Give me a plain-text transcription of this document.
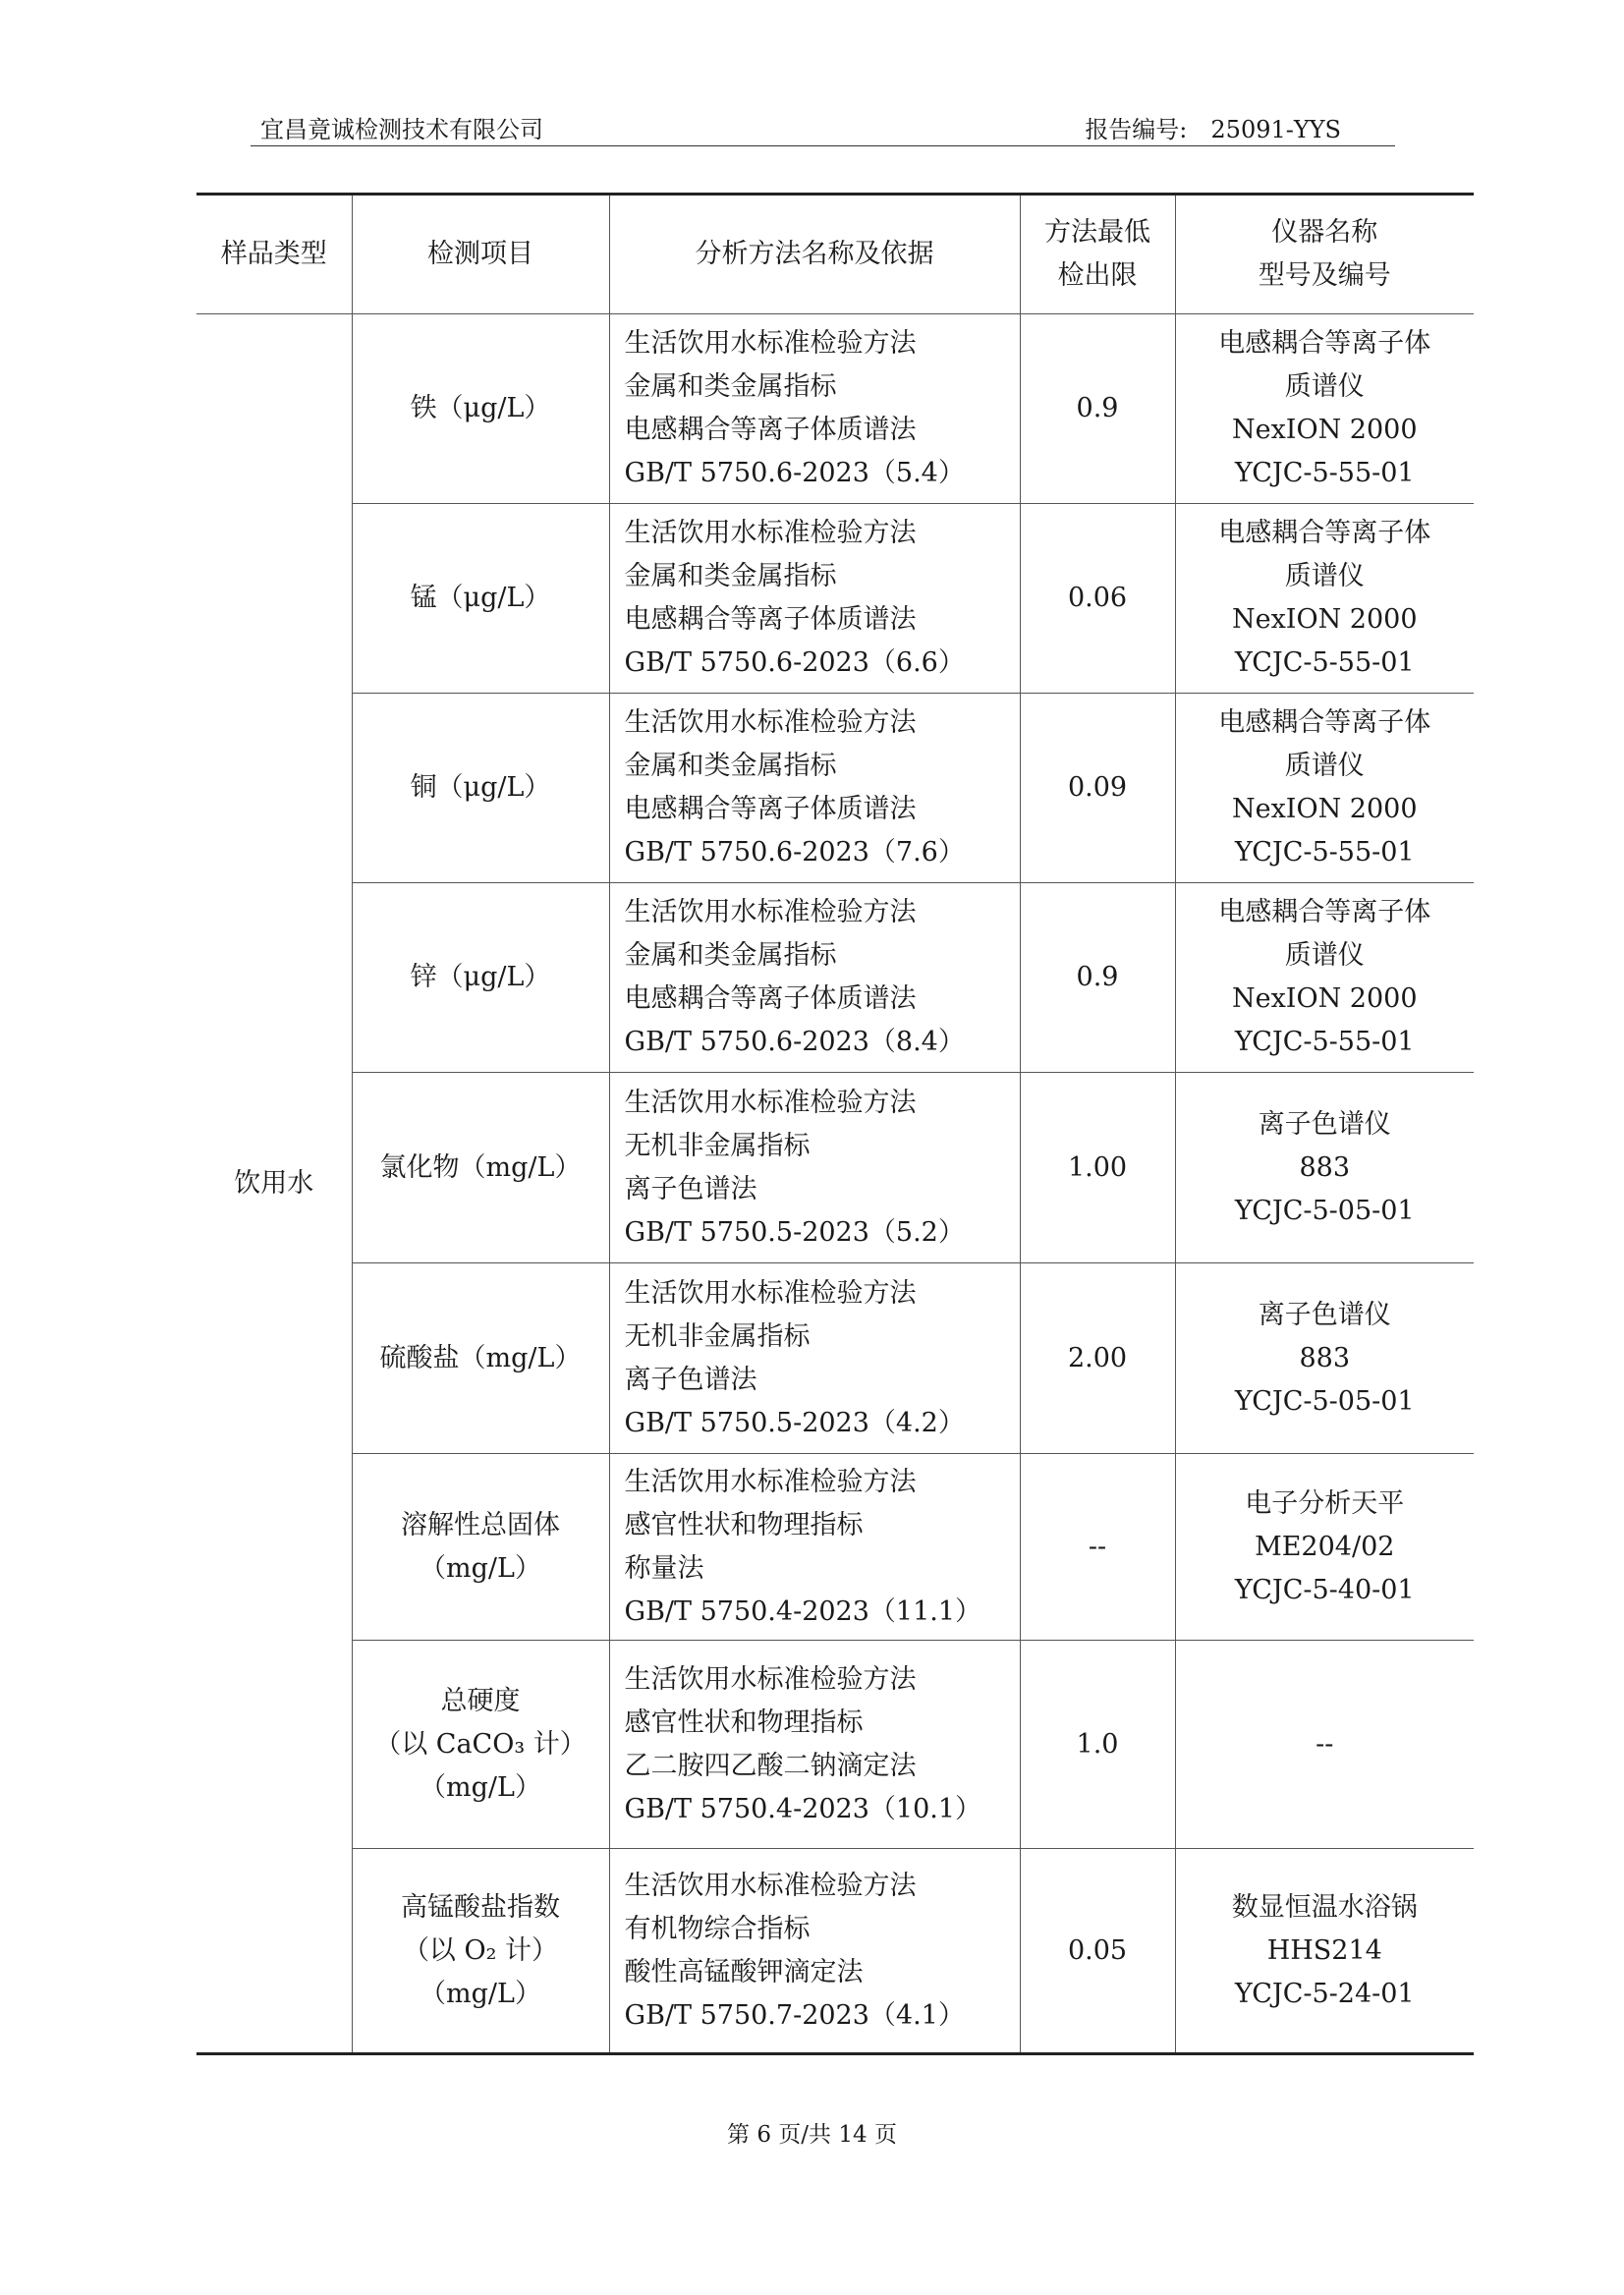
宜昌竟诚检测技术有限公司	报告编号: 25091-YYS
样品类型	检测项目	分析方法名称及依据	方法最低
检出限	仪器名称
型号及编号

饮用水	铁（μg/L）	生活饮用水标准检验方法
金属和类金属指标
电感耦合等离子体质谱法
GB/T 5750.6-2023（5.4）	0.9	电感耦合等离子体
质谱仪
NexION 2000
YCJC-5-55-01

	锰（μg/L）	生活饮用水标准检验方法
金属和类金属指标
电感耦合等离子体质谱法
GB/T 5750.6-2023（6.6）	0.06	电感耦合等离子体
质谱仪
NexION 2000
YCJC-5-55-01

	铜（μg/L）	生活饮用水标准检验方法
金属和类金属指标
电感耦合等离子体质谱法
GB/T 5750.6-2023（7.6）	0.09	电感耦合等离子体
质谱仪
NexION 2000
YCJC-5-55-01

	锌（μg/L）	生活饮用水标准检验方法
金属和类金属指标
电感耦合等离子体质谱法
GB/T 5750.6-2023（8.4）	0.9	电感耦合等离子体
质谱仪
NexION 2000
YCJC-5-55-01

	氯化物（mg/L）	生活饮用水标准检验方法
无机非金属指标
离子色谱法
GB/T 5750.5-2023（5.2）	1.00	离子色谱仪
883
YCJC-5-05-01

	硫酸盐（mg/L）	生活饮用水标准检验方法
无机非金属指标
离子色谱法
GB/T 5750.5-2023（4.2）	2.00	离子色谱仪
883
YCJC-5-05-01

	溶解性总固体
（mg/L）	生活饮用水标准检验方法
感官性状和物理指标
称量法
GB/T 5750.4-2023（11.1）	--	电子分析天平
ME204/02
YCJC-5-40-01

	总硬度
（以 CaCO₃ 计）
（mg/L）	生活饮用水标准检验方法
感官性状和物理指标
乙二胺四乙酸二钠滴定法
GB/T 5750.4-2023（10.1）	1.0	--

	高锰酸盐指数
（以 O₂ 计）
（mg/L）	生活饮用水标准检验方法
有机物综合指标
酸性高锰酸钾滴定法
GB/T 5750.7-2023（4.1）	0.05	数显恒温水浴锅
HHS214
YCJC-5-24-01
第 6 页/共 14 页
